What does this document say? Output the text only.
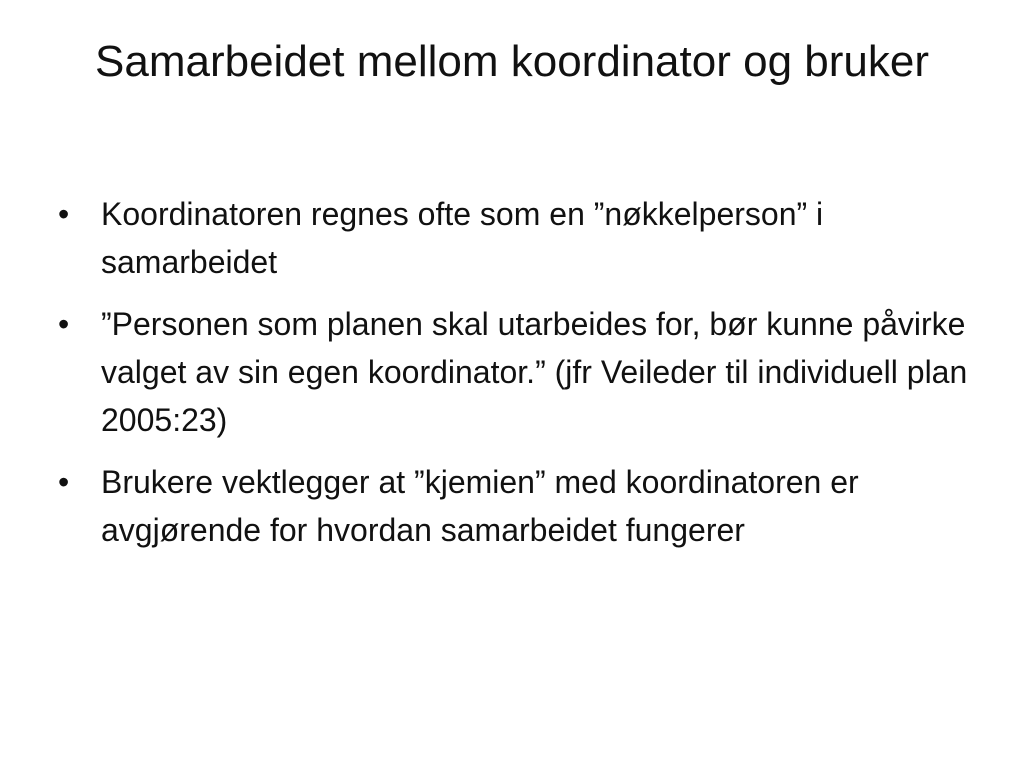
Samarbeidet mellom koordinator og bruker
• Koordinatoren regnes ofte som en ”nøkkelperson” i samarbeidet
• ”Personen som planen skal utarbeides for, bør kunne påvirke valget av sin egen koordinator.” (jfr Veileder til individuell plan 2005:23)
• Brukere vektlegger at ”kjemien” med koordinatoren er avgjørende for hvordan samarbeidet fungerer
